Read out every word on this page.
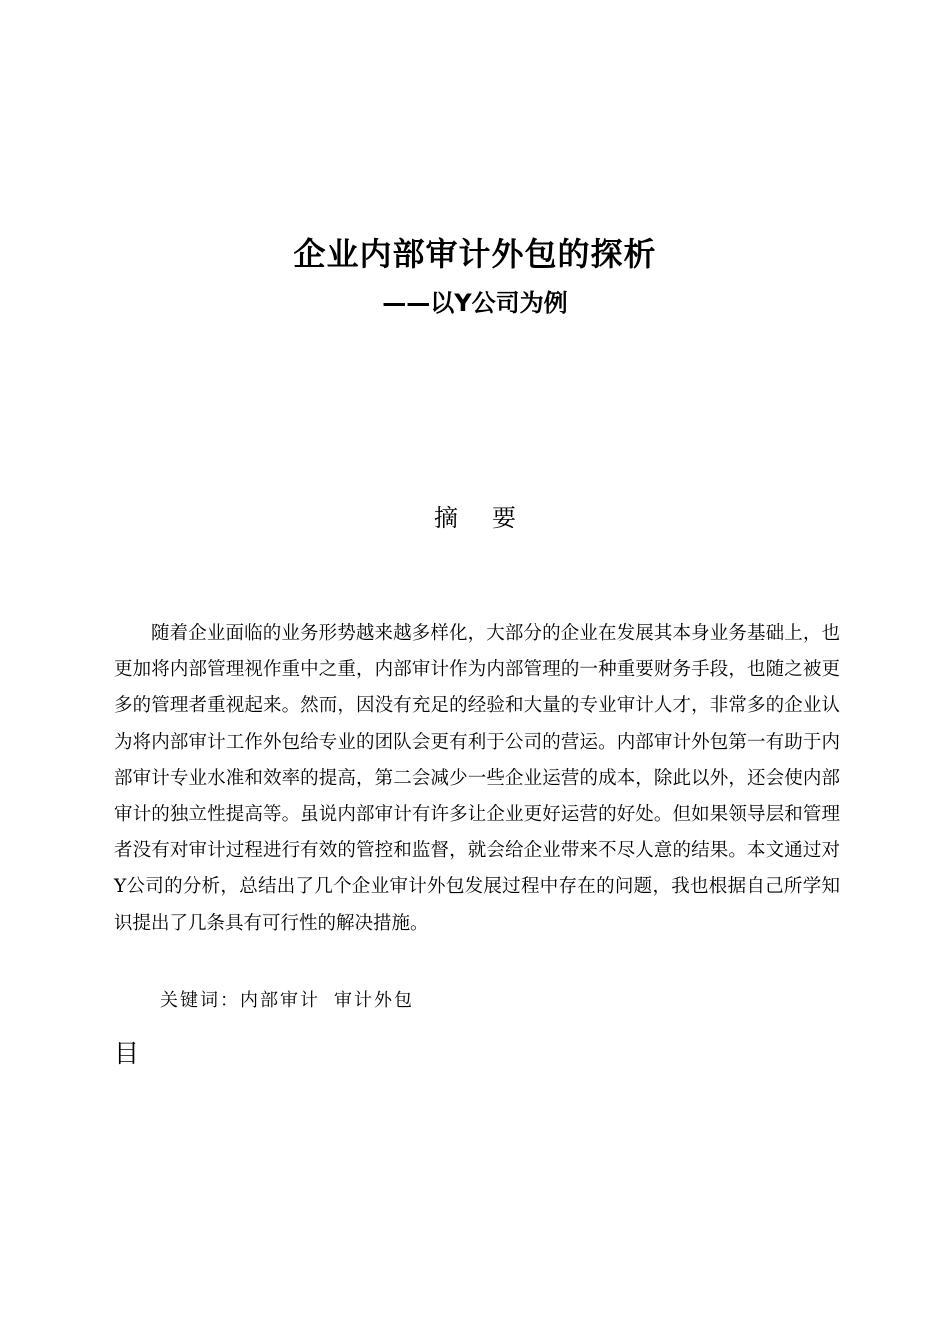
企业内部审计外包的探析
——以Y公司为例
摘要

随着企业面临的业务形势越来越多样化，大部分的企业在发展其本身业务基础上，也更加将内部管理视作重中之重，内部审计作为内部管理的一种重要财务手段，也随之被更多的管理者重视起来。然而，因没有充足的经验和大量的专业审计人才，非常多的企业认为将内部审计工作外包给专业的团队会更有利于公司的营运。内部审计外包第一有助于内部审计专业水准和效率的提高，第二会减少一些企业运营的成本，除此以外，还会使内部审计的独立性提高等。虽说内部审计有许多让企业更好运营的好处。但如果领导层和管理者没有对审计过程进行有效的管控和监督，就会给企业带来不尽人意的结果。本文通过对Y公司的分析，总结出了几个企业审计外包发展过程中存在的问题，我也根据自己所学知识提出了几条具有可行性的解决措施。

关键词：内部审计 审计外包
目
